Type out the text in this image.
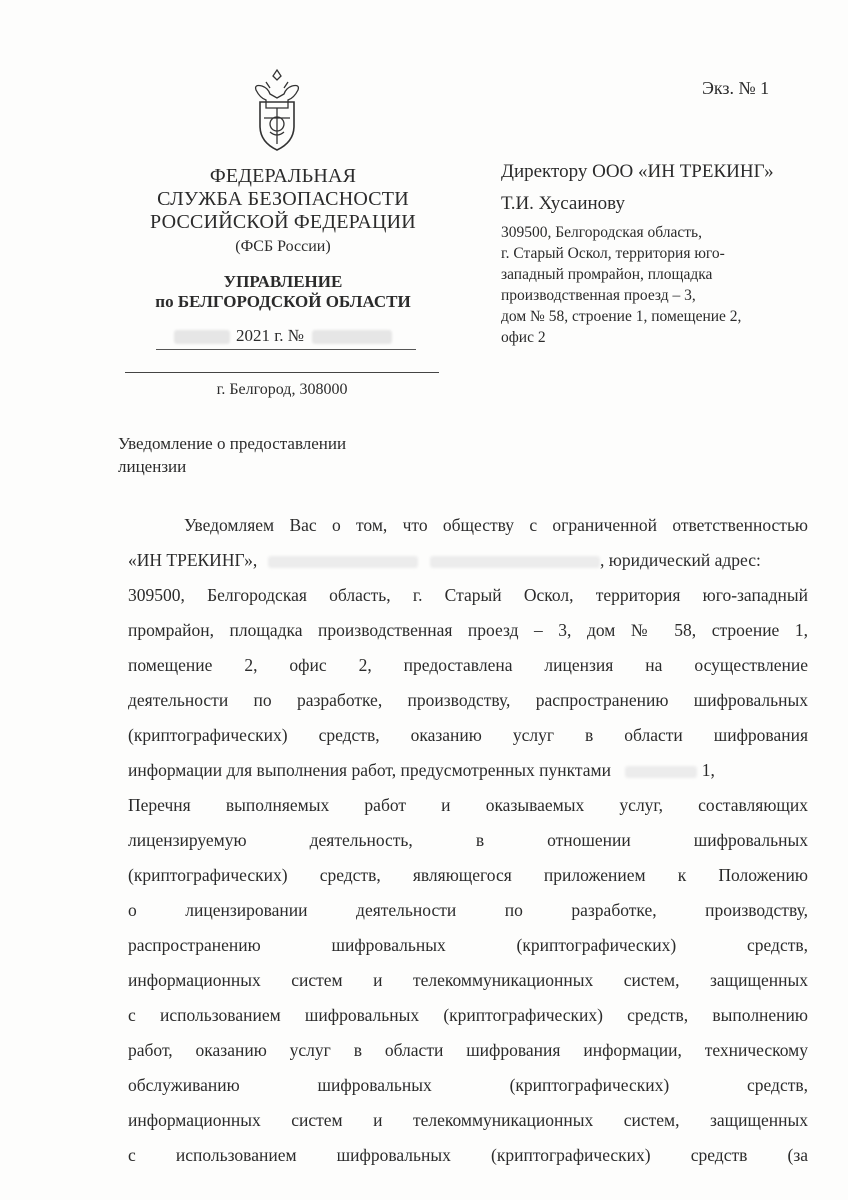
Экз. № 1
ФЕДЕРАЛЬНАЯ
СЛУЖБА БЕЗОПАСНОСТИ
РОССИЙСКОЙ ФЕДЕРАЦИИ
(ФСБ России)
УПРАВЛЕНИЕ
по БЕЛГОРОДСКОЙ ОБЛАСТИ
2021 г. №
г. Белгород, 308000
Директору ООО «ИН ТРЕКИНГ»
Т.И. Хусаинову
309500, Белгородская область,
г. Старый Оскол, территория юго-
западный промрайон, площадка
производственная проезд – 3,
дом № 58, строение 1, помещение 2,
офис 2
Уведомление о предоставлении
лицензии
Уведомляем Вас о том, что обществу с ограниченной ответственностью
«ИН ТРЕКИНГ»,	, юридический адрес:
309500, Белгородская область, г. Старый Оскол, территория юго-западный
промрайон, площадка производственная проезд – 3, дом № 58, строение 1,
помещение 2, офис 2, предоставлена лицензия на осуществление
деятельности по разработке, производству, распространению шифровальных
(криптографических) средств, оказанию услуг в области шифрования
информации для выполнения работ, предусмотренных пунктами	1,
Перечня выполняемых работ и оказываемых услуг, составляющих
лицензируемую деятельность, в отношении шифровальных
(криптографических) средств, являющегося приложением к Положению
о лицензировании деятельности по разработке, производству,
распространению шифровальных (криптографических) средств,
информационных систем и телекоммуникационных систем, защищенных
с использованием шифровальных (криптографических) средств, выполнению
работ, оказанию услуг в области шифрования информации, техническому
обслуживанию шифровальных (криптографических) средств,
информационных систем и телекоммуникационных систем, защищенных
с использованием шифровальных (криптографических) средств (за
